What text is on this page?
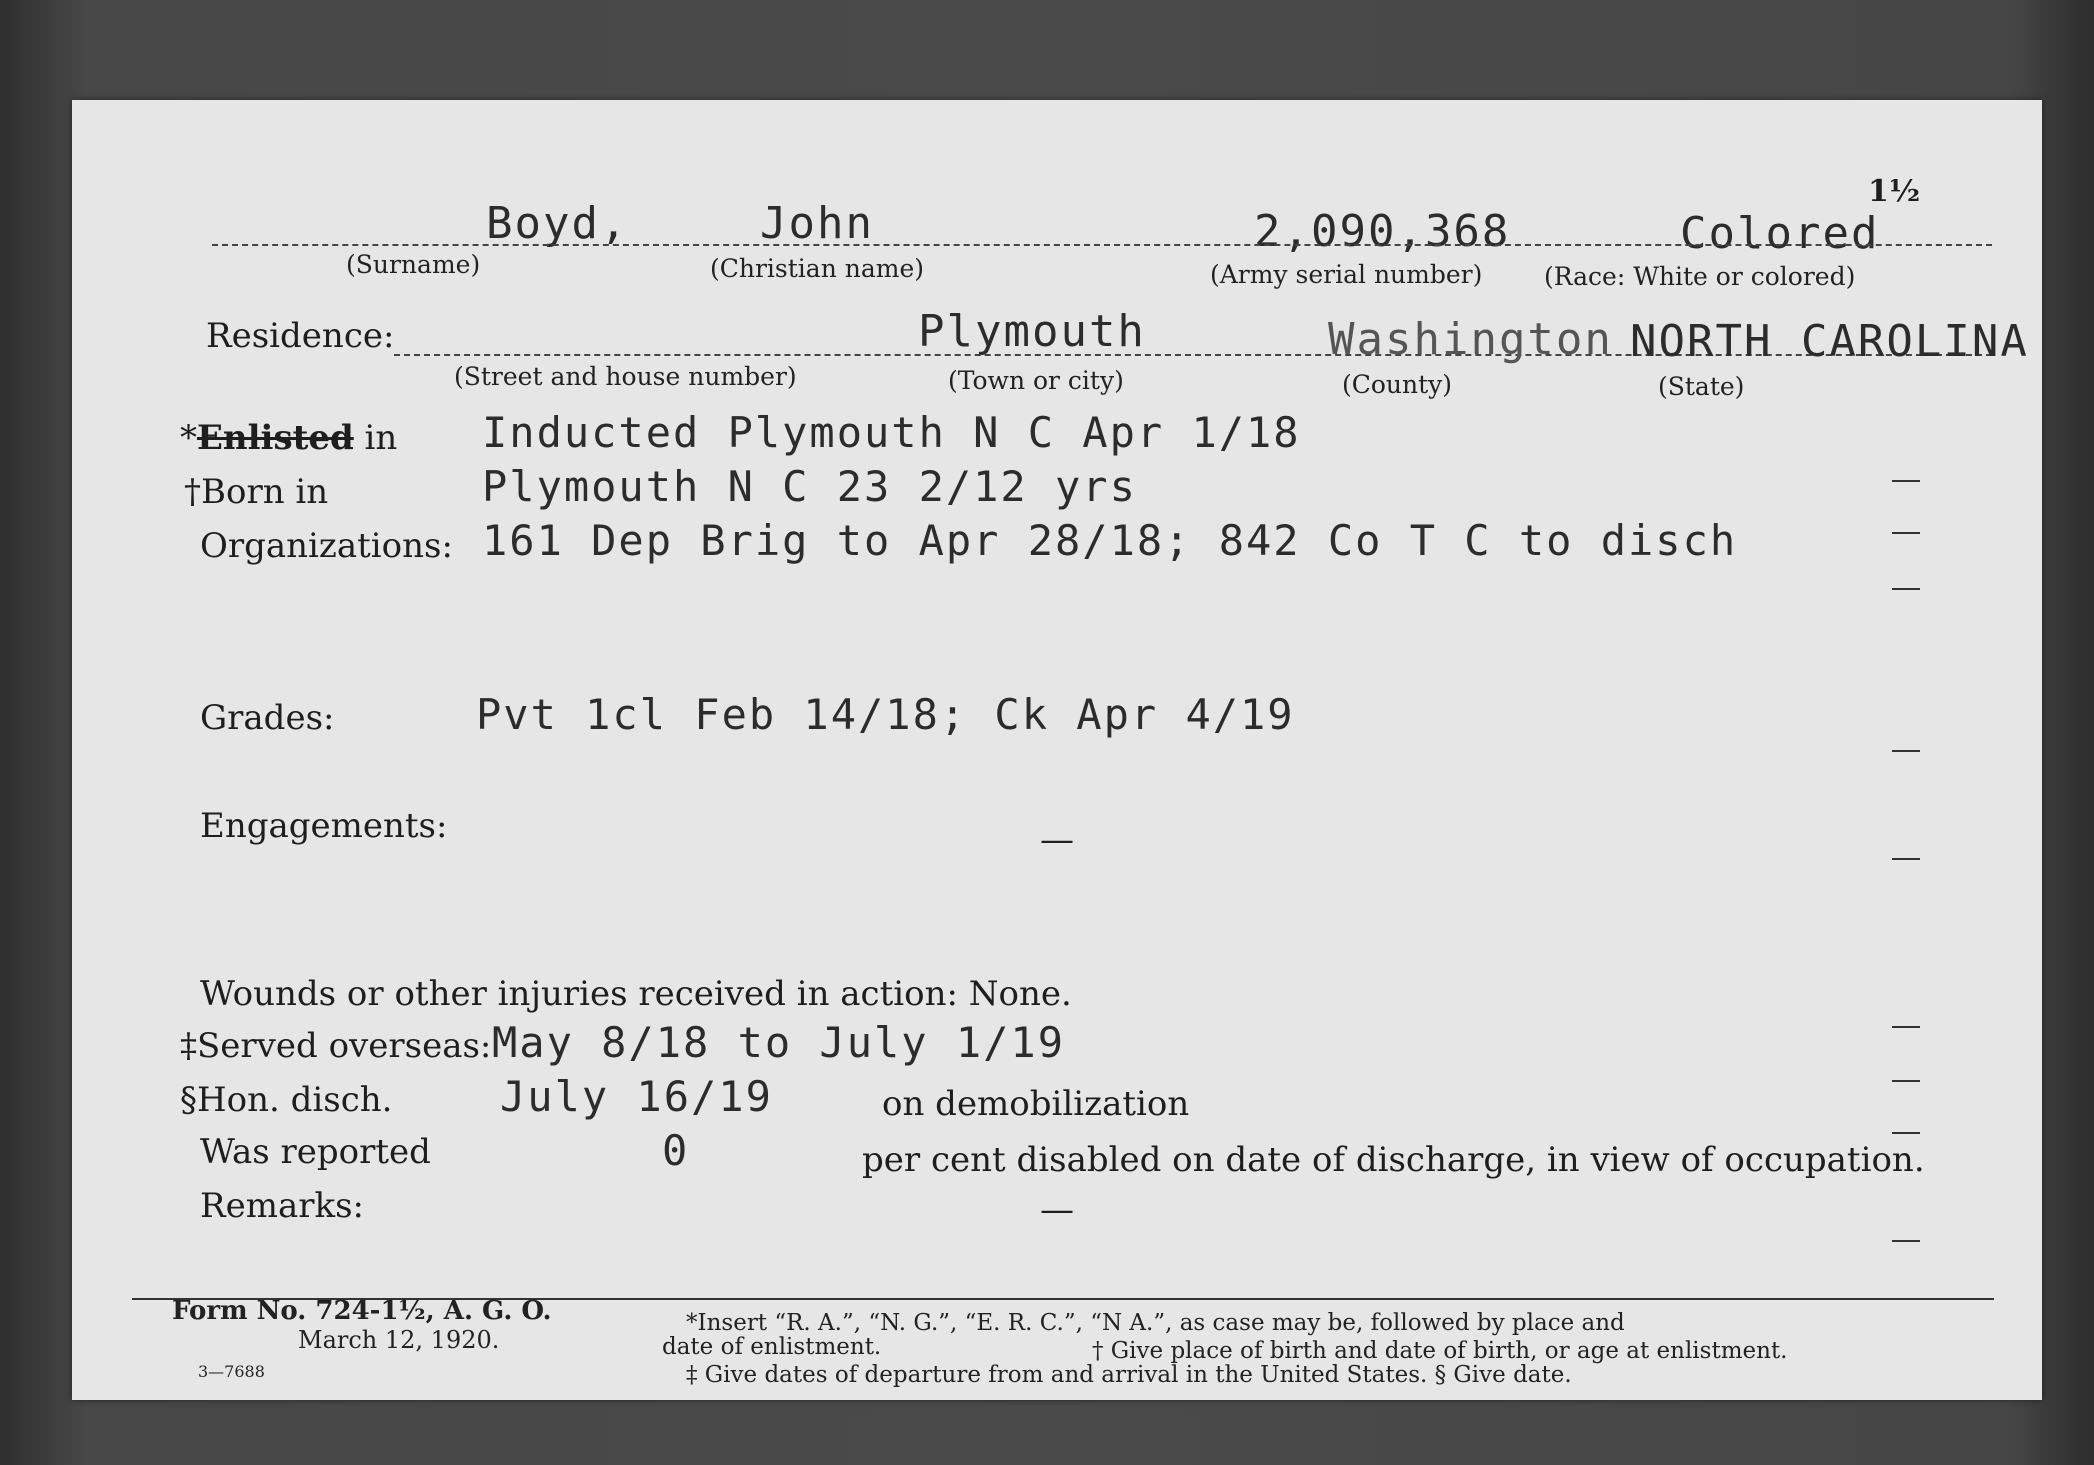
1½
Boyd,	John	2,090,368	Colored
(Surname)	(Christian name)	(Army serial number) (Race: White or colored)
Residence:	Plymouth	Washington NORTH CAROLINA
(Street and house number)	(Town or city)	(County)	(State)
*Enlisted in Inducted Plymouth N C Apr 1/18
†Born in	Plymouth N C 23 2/12 yrs
Organizations: 161 Dep Brig to Apr 28/18; 842 Co T C to disch
Grades:	Pvt 1cl Feb 14/18; Ck Apr 4/19
Engagements:	—
Wounds or other injuries received in action: None.
‡Served overseas: May 8/18 to July 1/19
§Hon. disch.	July 16/19	on demobilization
Was reported	0	per cent disabled on date of discharge, in view of occupation.
Remarks:	—
Form No. 724-1½, A. G. O.
March 12, 1920.
3—7688
*Insert “R. A.”, “N. G.”, “E. R. C.”, “N A.”, as case may be, followed by place and
date of enlistment.	† Give place of birth and date of birth, or age at enlistment.
‡ Give dates of departure from and arrival in the United States. § Give date.
